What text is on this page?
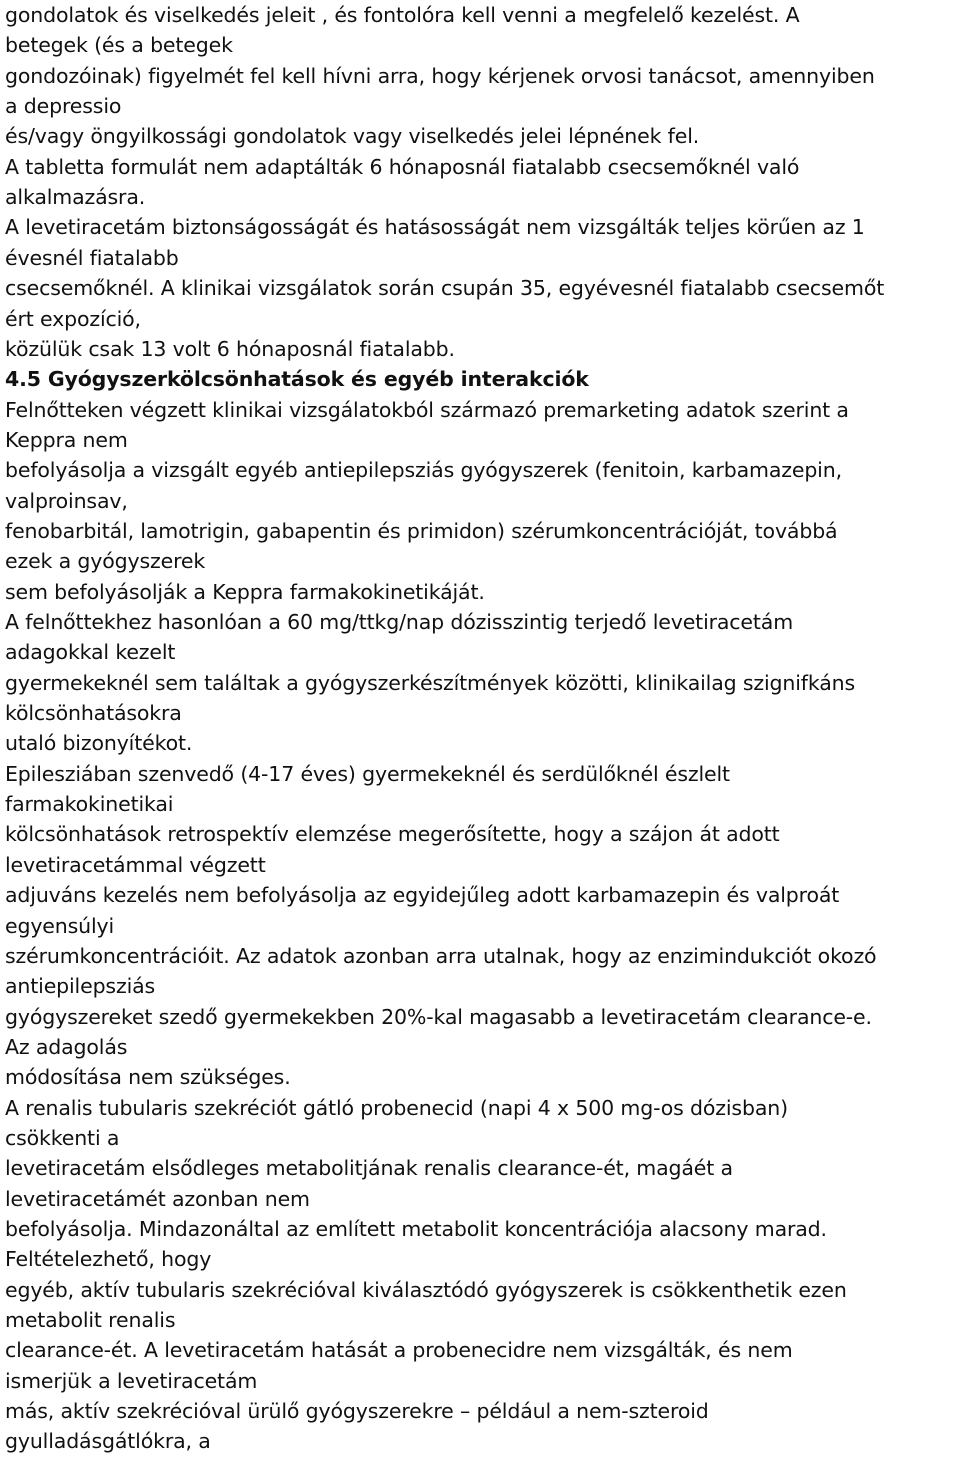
gondolatok és viselkedés jeleit , és fontolóra kell venni a megfelelő kezelést. A
betegek (és a betegek
gondozóinak) figyelmét fel kell hívni arra, hogy kérjenek orvosi tanácsot, amennyiben
a depressio
és/vagy öngyilkossági gondolatok vagy viselkedés jelei lépnének fel.
A tabletta formulát nem adaptálták 6 hónaposnál fiatalabb csecsemőknél való
alkalmazásra.
A levetiracetám biztonságosságát és hatásosságát nem vizsgálták teljes körűen az 1
évesnél fiatalabb
csecsemőknél. A klinikai vizsgálatok során csupán 35, egyévesnél fiatalabb csecsemőt
ért expozíció,
közülük csak 13 volt 6 hónaposnál fiatalabb.
4.5 Gyógyszerkölcsönhatások és egyéb interakciók
Felnőtteken végzett klinikai vizsgálatokból származó premarketing adatok szerint a
Keppra nem
befolyásolja a vizsgált egyéb antiepilepsziás gyógyszerek (fenitoin, karbamazepin,
valproinsav,
fenobarbitál, lamotrigin, gabapentin és primidon) szérumkoncentrációját, továbbá
ezek a gyógyszerek
sem befolyásolják a Keppra farmakokinetikáját.
A felnőttekhez hasonlóan a 60 mg/ttkg/nap dózisszintig terjedő levetiracetám
adagokkal kezelt
gyermekeknél sem találtak a gyógyszerkészítmények közötti, klinikailag szignifkáns
kölcsönhatásokra
utaló bizonyítékot.
Epilesziában szenvedő (4-17 éves) gyermekeknél és serdülőknél észlelt
farmakokinetikai
kölcsönhatások retrospektív elemzése megerősítette, hogy a szájon át adott
levetiracetámmal végzett
adjuváns kezelés nem befolyásolja az egyidejűleg adott karbamazepin és valproát
egyensúlyi
szérumkoncentrációit. Az adatok azonban arra utalnak, hogy az enzimindukciót okozó
antiepilepsziás
gyógyszereket szedő gyermekekben 20%-kal magasabb a levetiracetám clearance-e.
Az adagolás
módosítása nem szükséges.
A renalis tubularis szekréciót gátló probenecid (napi 4 x 500 mg-os dózisban)
csökkenti a
levetiracetám elsődleges metabolitjának renalis clearance-ét, magáét a
levetiracetámét azonban nem
befolyásolja. Mindazonáltal az említett metabolit koncentrációja alacsony marad.
Feltételezhető, hogy
egyéb, aktív tubularis szekrécióval kiválasztódó gyógyszerek is csökkenthetik ezen
metabolit renalis
clearance-ét. A levetiracetám hatását a probenecidre nem vizsgálták, és nem
ismerjük a levetiracetám
más, aktív szekrécióval ürülő gyógyszerekre – például a nem-szteroid
gyulladásgátlókra, a
